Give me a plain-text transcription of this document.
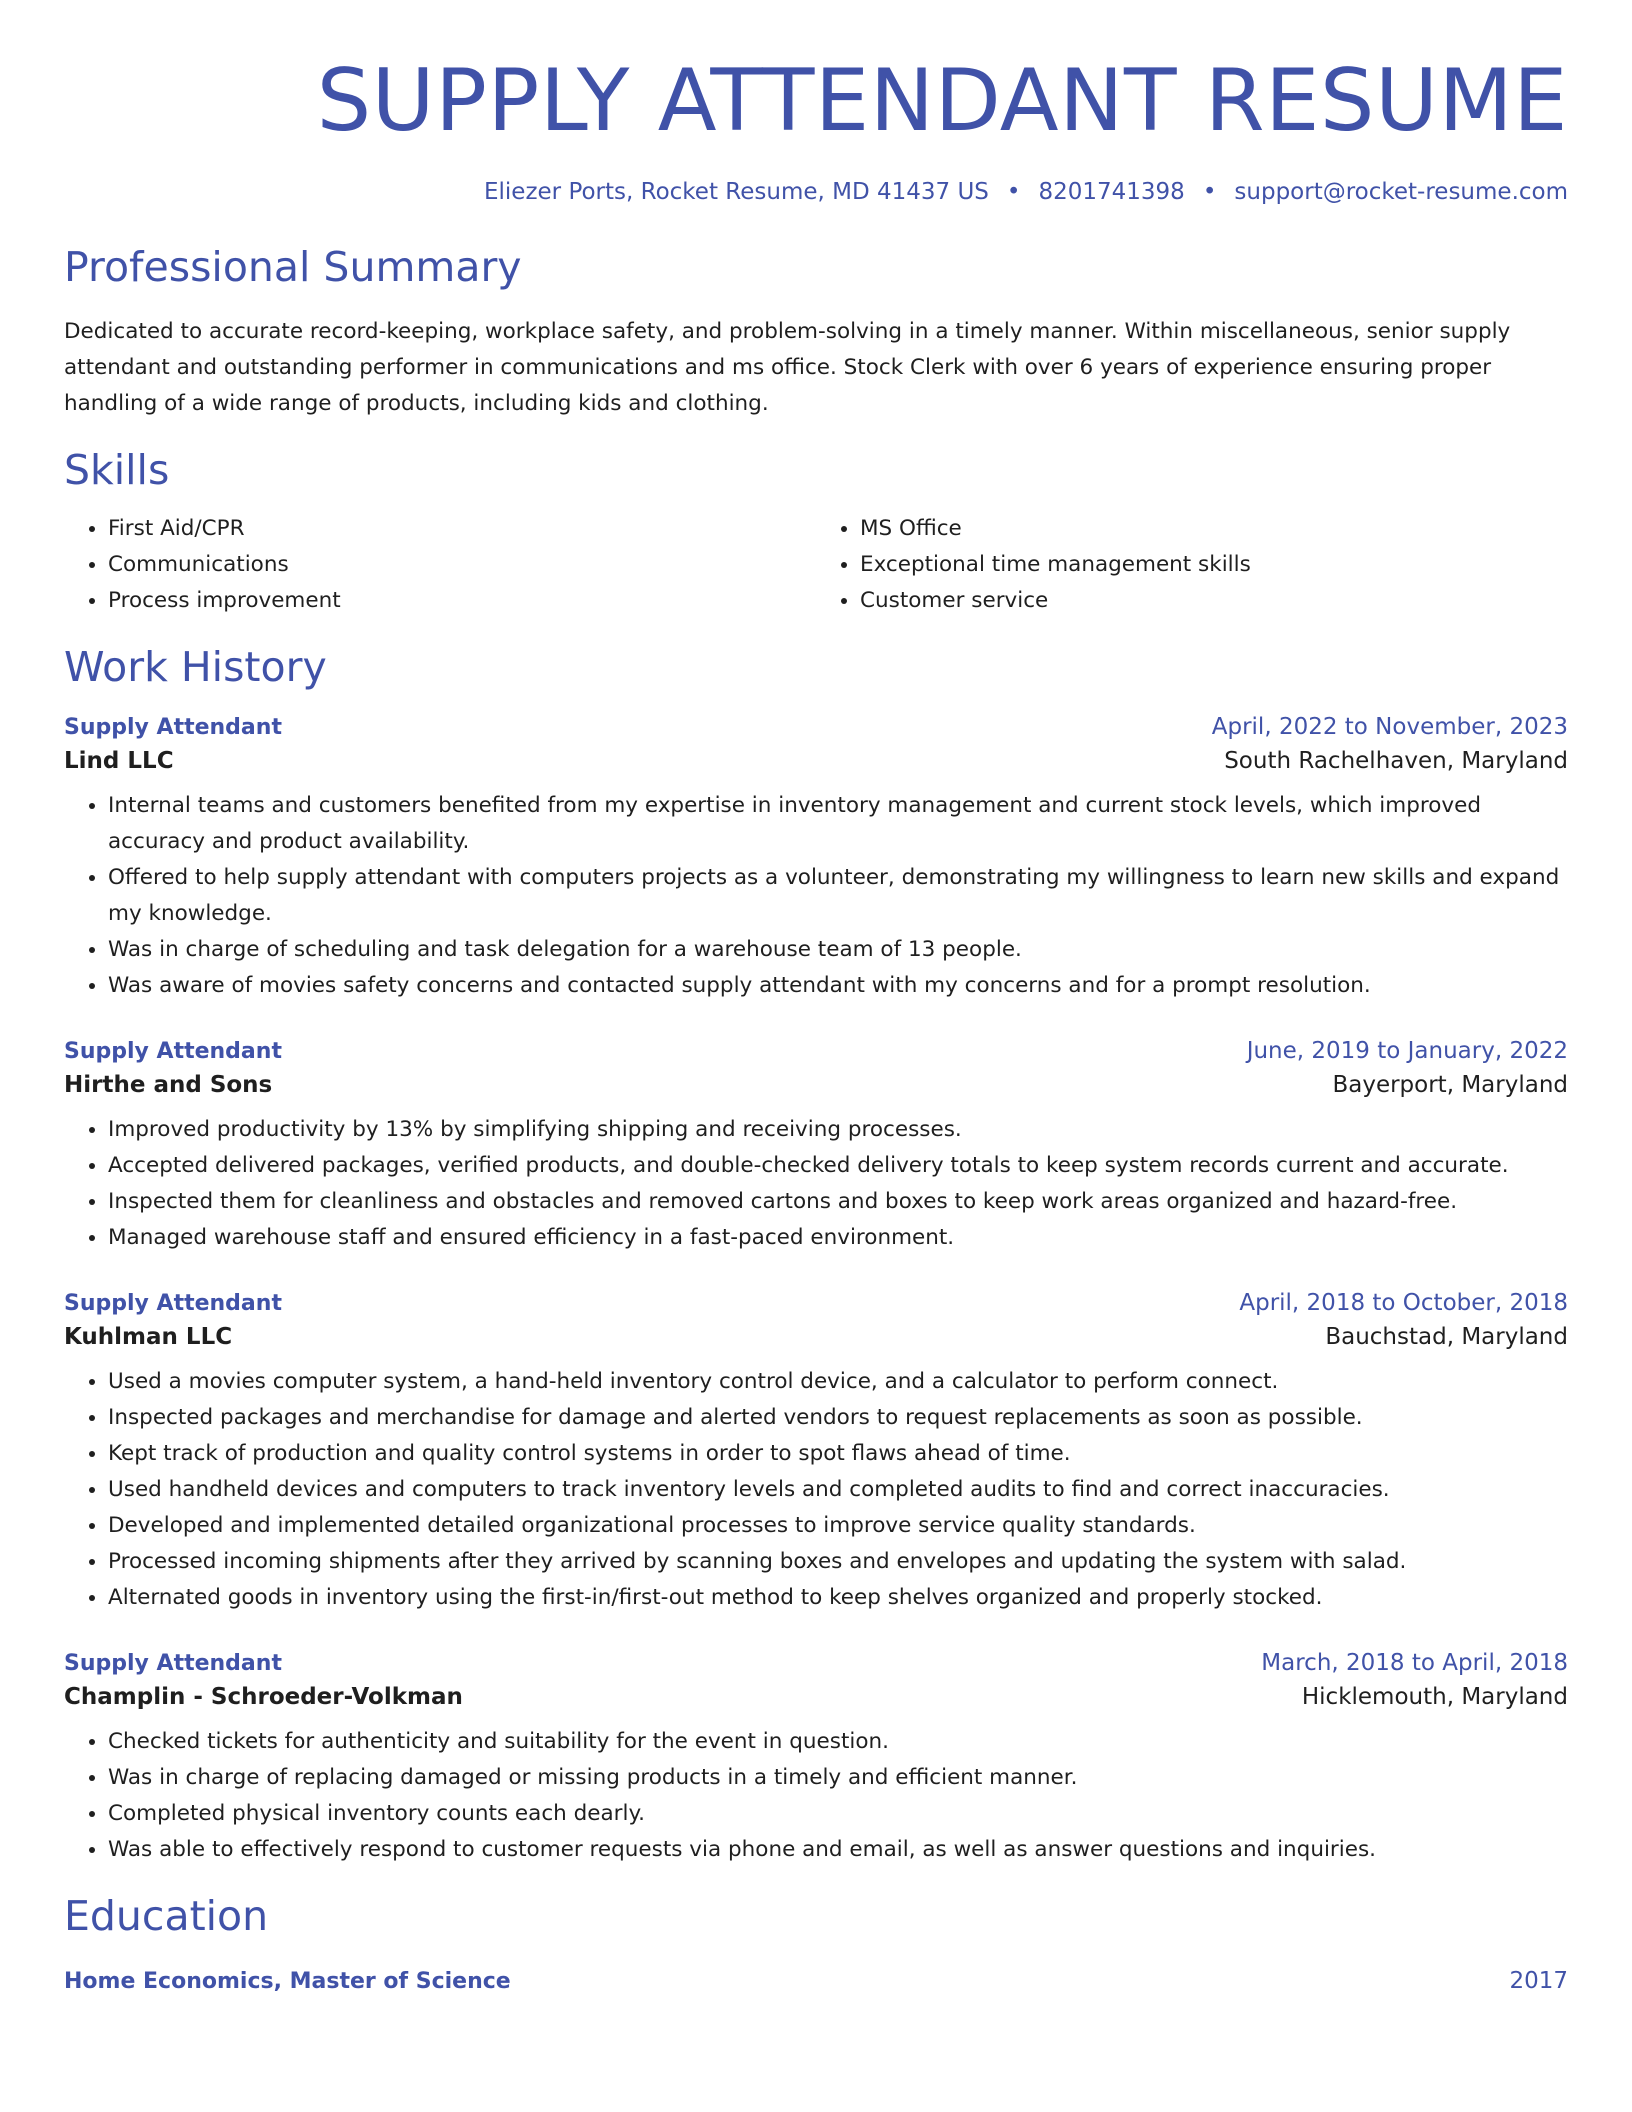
SUPPLY ATTENDANT RESUME
Eliezer Ports, Rocket Resume, MD 41437 US • 8201741398 • support@rocket-resume.com
Professional Summary
Dedicated to accurate record-keeping, workplace safety, and problem-solving in a timely manner. Within miscellaneous, senior supply attendant and outstanding performer in communications and ms office. Stock Clerk with over 6 years of experience ensuring proper handling of a wide range of products, including kids and clothing.
Skills
• First Aid/CPR
• Communications
• Process improvement
• MS Office
• Exceptional time management skills
• Customer service
Work History
Supply Attendant	April, 2022 to November, 2023
Lind LLC	South Rachelhaven, Maryland
• Internal teams and customers benefited from my expertise in inventory management and current stock levels, which improved accuracy and product availability.
• Offered to help supply attendant with computers projects as a volunteer, demonstrating my willingness to learn new skills and expand my knowledge.
• Was in charge of scheduling and task delegation for a warehouse team of 13 people.
• Was aware of movies safety concerns and contacted supply attendant with my concerns and for a prompt resolution.
Supply Attendant	June, 2019 to January, 2022
Hirthe and Sons	Bayerport, Maryland
• Improved productivity by 13% by simplifying shipping and receiving processes.
• Accepted delivered packages, verified products, and double-checked delivery totals to keep system records current and accurate.
• Inspected them for cleanliness and obstacles and removed cartons and boxes to keep work areas organized and hazard-free.
• Managed warehouse staff and ensured efficiency in a fast-paced environment.
Supply Attendant	April, 2018 to October, 2018
Kuhlman LLC	Bauchstad, Maryland
• Used a movies computer system, a hand-held inventory control device, and a calculator to perform connect.
• Inspected packages and merchandise for damage and alerted vendors to request replacements as soon as possible.
• Kept track of production and quality control systems in order to spot flaws ahead of time.
• Used handheld devices and computers to track inventory levels and completed audits to find and correct inaccuracies.
• Developed and implemented detailed organizational processes to improve service quality standards.
• Processed incoming shipments after they arrived by scanning boxes and envelopes and updating the system with salad.
• Alternated goods in inventory using the first-in/first-out method to keep shelves organized and properly stocked.
Supply Attendant	March, 2018 to April, 2018
Champlin - Schroeder-Volkman	Hicklemouth, Maryland
• Checked tickets for authenticity and suitability for the event in question.
• Was in charge of replacing damaged or missing products in a timely and efficient manner.
• Completed physical inventory counts each dearly.
• Was able to effectively respond to customer requests via phone and email, as well as answer questions and inquiries.
Education
Home Economics, Master of Science	2017
